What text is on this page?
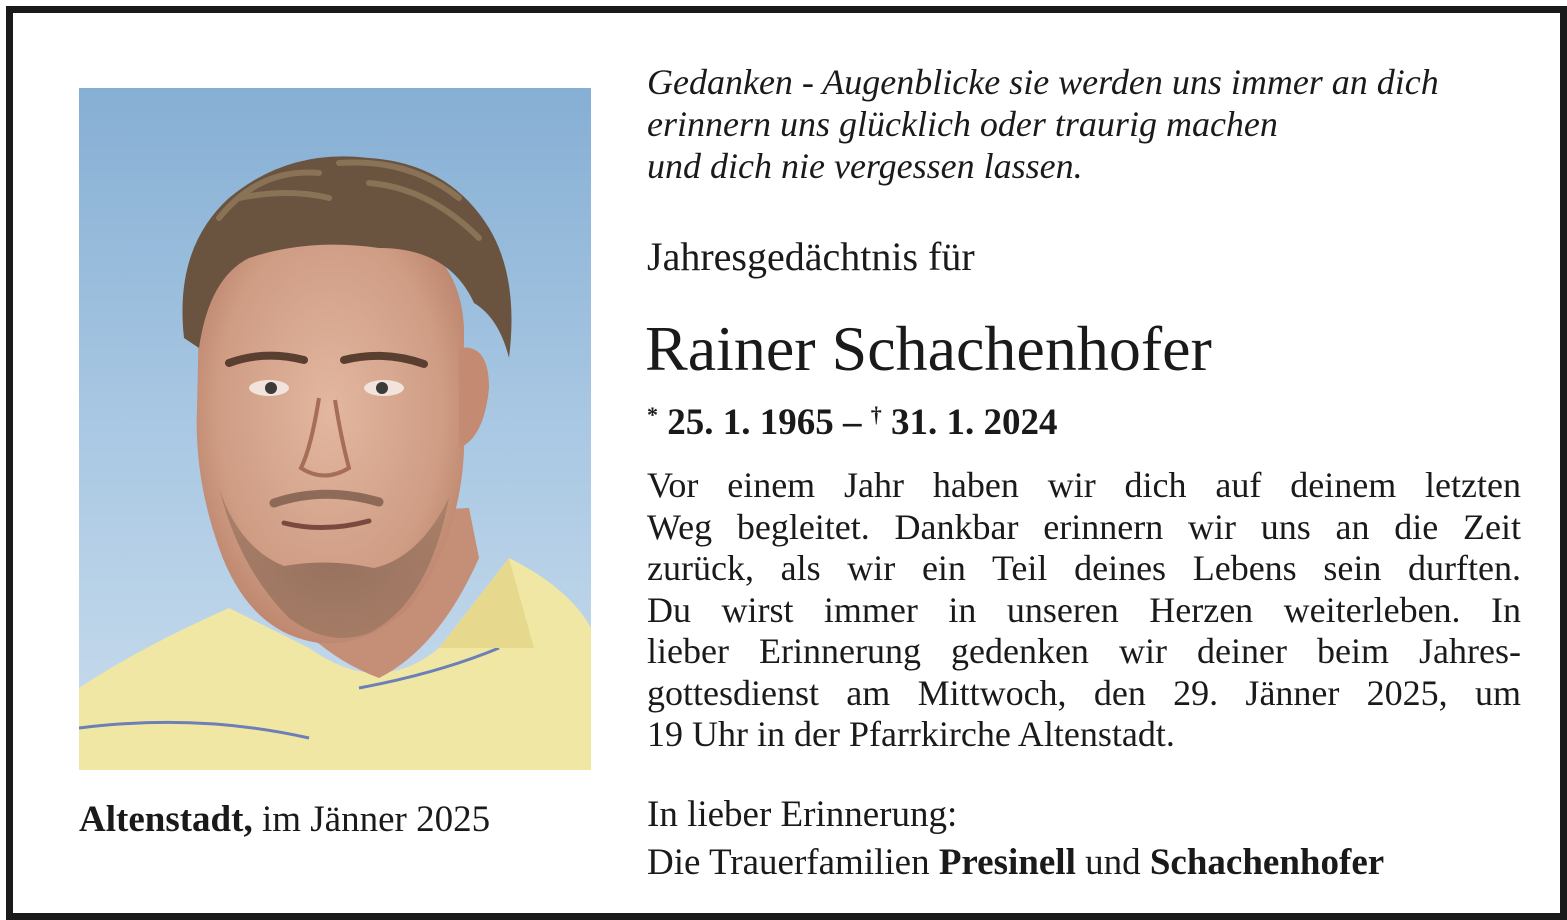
Gedanken - Augenblicke sie werden uns immer an dich
erinnern uns glücklich oder traurig machen
und dich nie vergessen lassen.
Jahresgedächtnis für
Rainer Schachenhofer
* 25. 1. 1965 – † 31. 1. 2024
Vor einem Jahr haben wir dich auf deinem letzten
Weg begleitet. Dankbar erinnern wir uns an die Zeit
zurück, als wir ein Teil deines Lebens sein durften.
Du wirst immer in unseren Herzen weiterleben. In
lieber Erinnerung gedenken wir deiner beim Jahres-
gottesdienst am Mittwoch, den 29. Jänner 2025, um
19 Uhr in der Pfarrkirche Altenstadt.
Altenstadt, im Jänner 2025	In lieber Erinnerung:
Die Trauerfamilien Presinell und Schachenhofer
